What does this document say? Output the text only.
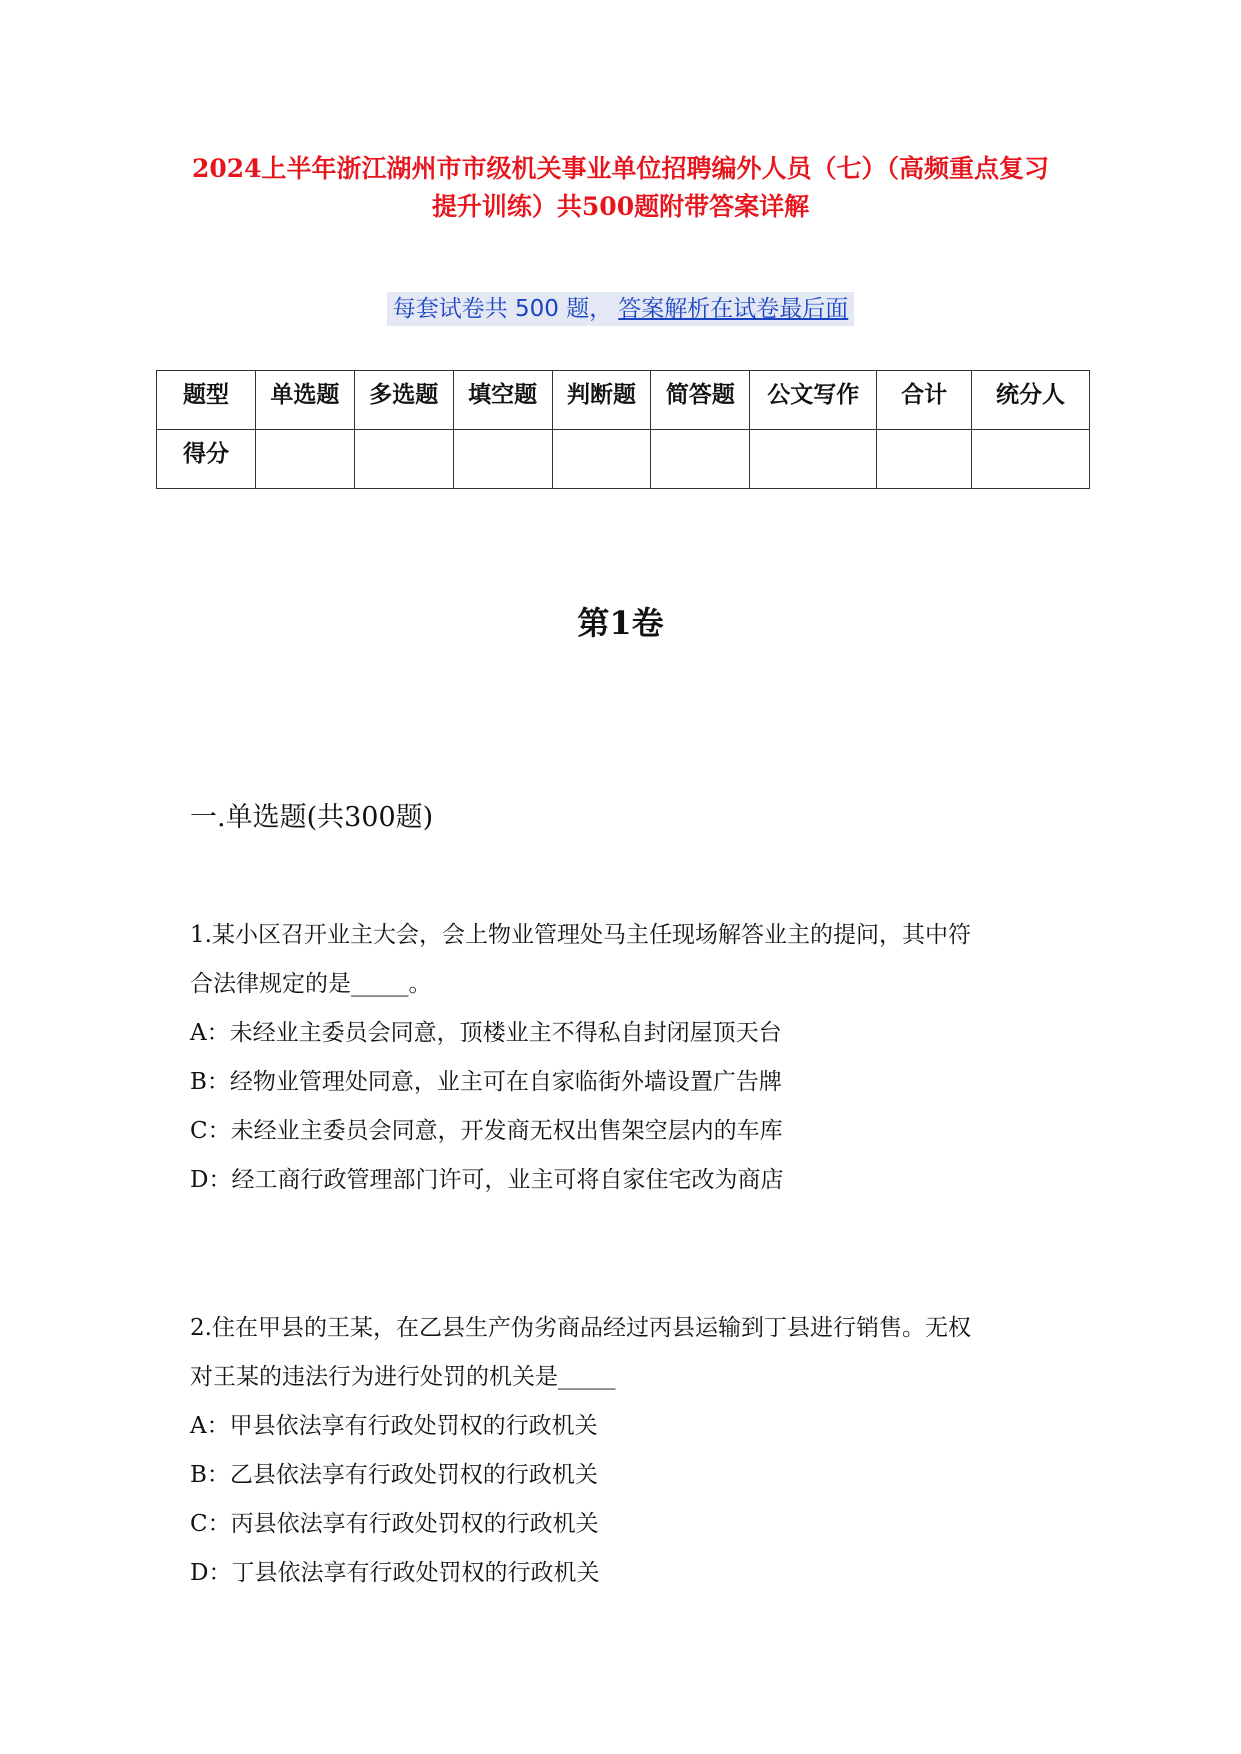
2024上半年浙江湖州市市级机关事业单位招聘编外人员（七）（高频重点复习
提升训练）共500题附带答案详解
每套试卷共 500 题， 答案解析在试卷最后面
题型	单选题	多选题	填空题	判断题	简答题	公文写作	合计	统分人
得分								
第1卷
一.单选题(共300题)

1.某小区召开业主大会，会上物业管理处马主任现场解答业主的提问，其中符

合法律规定的是_____。

A：未经业主委员会同意，顶楼业主不得私自封闭屋顶天台

B：经物业管理处同意，业主可在自家临街外墙设置广告牌

C：未经业主委员会同意，开发商无权出售架空层内的车库

D：经工商行政管理部门许可，业主可将自家住宅改为商店

2.住在甲县的王某，在乙县生产伪劣商品经过丙县运输到丁县进行销售。无权

对王某的违法行为进行处罚的机关是_____

A：甲县依法享有行政处罚权的行政机关

B：乙县依法享有行政处罚权的行政机关

C：丙县依法享有行政处罚权的行政机关

D：丁县依法享有行政处罚权的行政机关
